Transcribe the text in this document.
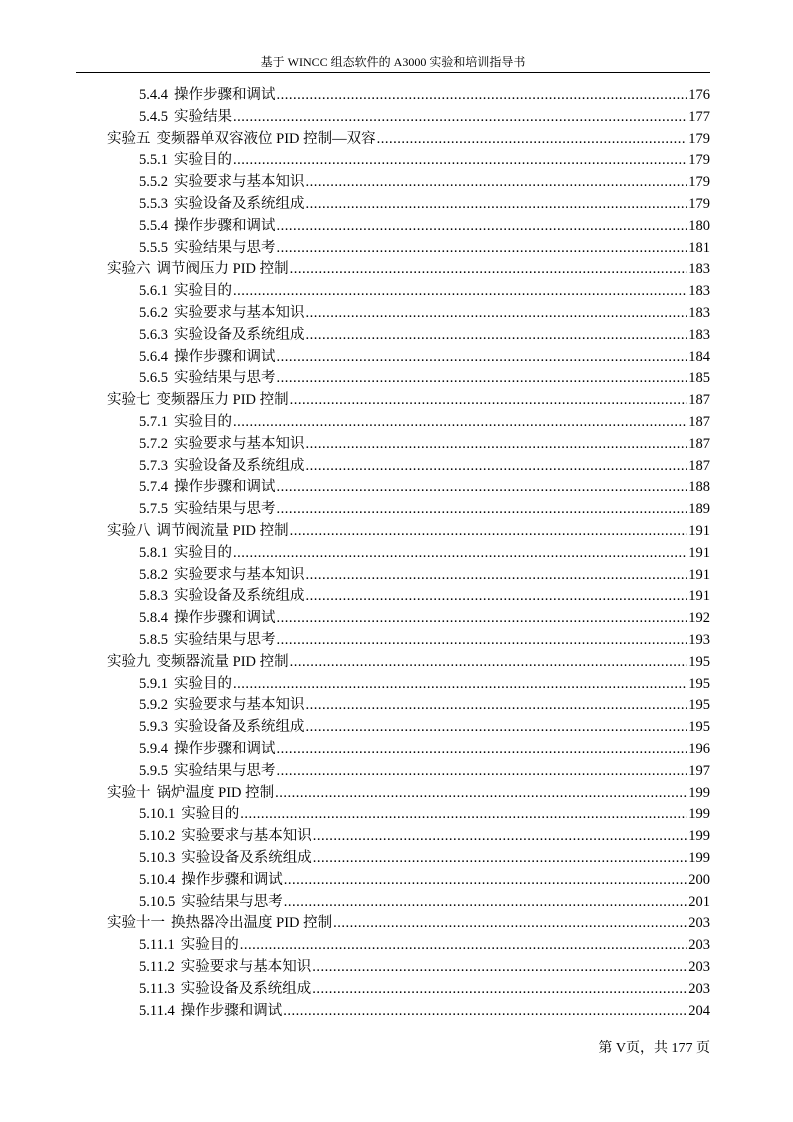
基于 WINCC 组态软件的 A3000 实验和培训指导书
5.4.4 操作步骤和调试 .....	176
5.4.5 实验结果 .....	177
实验五 变频器单双容液位 PID 控制—双容 .....	179
5.5.1 实验目的 .....	179
5.5.2 实验要求与基本知识 .....	179
5.5.3 实验设备及系统组成 .....	179
5.5.4 操作步骤和调试 .....	180
5.5.5 实验结果与思考 .....	181
实验六 调节阀压力 PID 控制 .....	183
5.6.1 实验目的 .....	183
5.6.2 实验要求与基本知识 .....	183
5.6.3 实验设备及系统组成 .....	183
5.6.4 操作步骤和调试 .....	184
5.6.5 实验结果与思考 .....	185
实验七 变频器压力 PID 控制 .....	187
5.7.1 实验目的 .....	187
5.7.2 实验要求与基本知识 .....	187
5.7.3 实验设备及系统组成 .....	187
5.7.4 操作步骤和调试 .....	188
5.7.5 实验结果与思考 .....	189
实验八 调节阀流量 PID 控制 .....	191
5.8.1 实验目的 .....	191
5.8.2 实验要求与基本知识 .....	191
5.8.3 实验设备及系统组成 .....	191
5.8.4 操作步骤和调试 .....	192
5.8.5 实验结果与思考 .....	193
实验九 变频器流量 PID 控制 .....	195
5.9.1 实验目的 .....	195
5.9.2 实验要求与基本知识 .....	195
5.9.3 实验设备及系统组成 .....	195
5.9.4 操作步骤和调试 .....	196
5.9.5 实验结果与思考 .....	197
实验十 锅炉温度 PID 控制 .....	199
5.10.1 实验目的 .....	199
5.10.2 实验要求与基本知识 .....	199
5.10.3 实验设备及系统组成 .....	199
5.10.4 操作步骤和调试 .....	200
5.10.5 实验结果与思考 .....	201
实验十一 换热器冷出温度 PID 控制 .....	203
5.11.1 实验目的 .....	203
5.11.2 实验要求与基本知识 .....	203
5.11.3 实验设备及系统组成 .....	203
5.11.4 操作步骤和调试 .....	204
第 V页，共 177 页
